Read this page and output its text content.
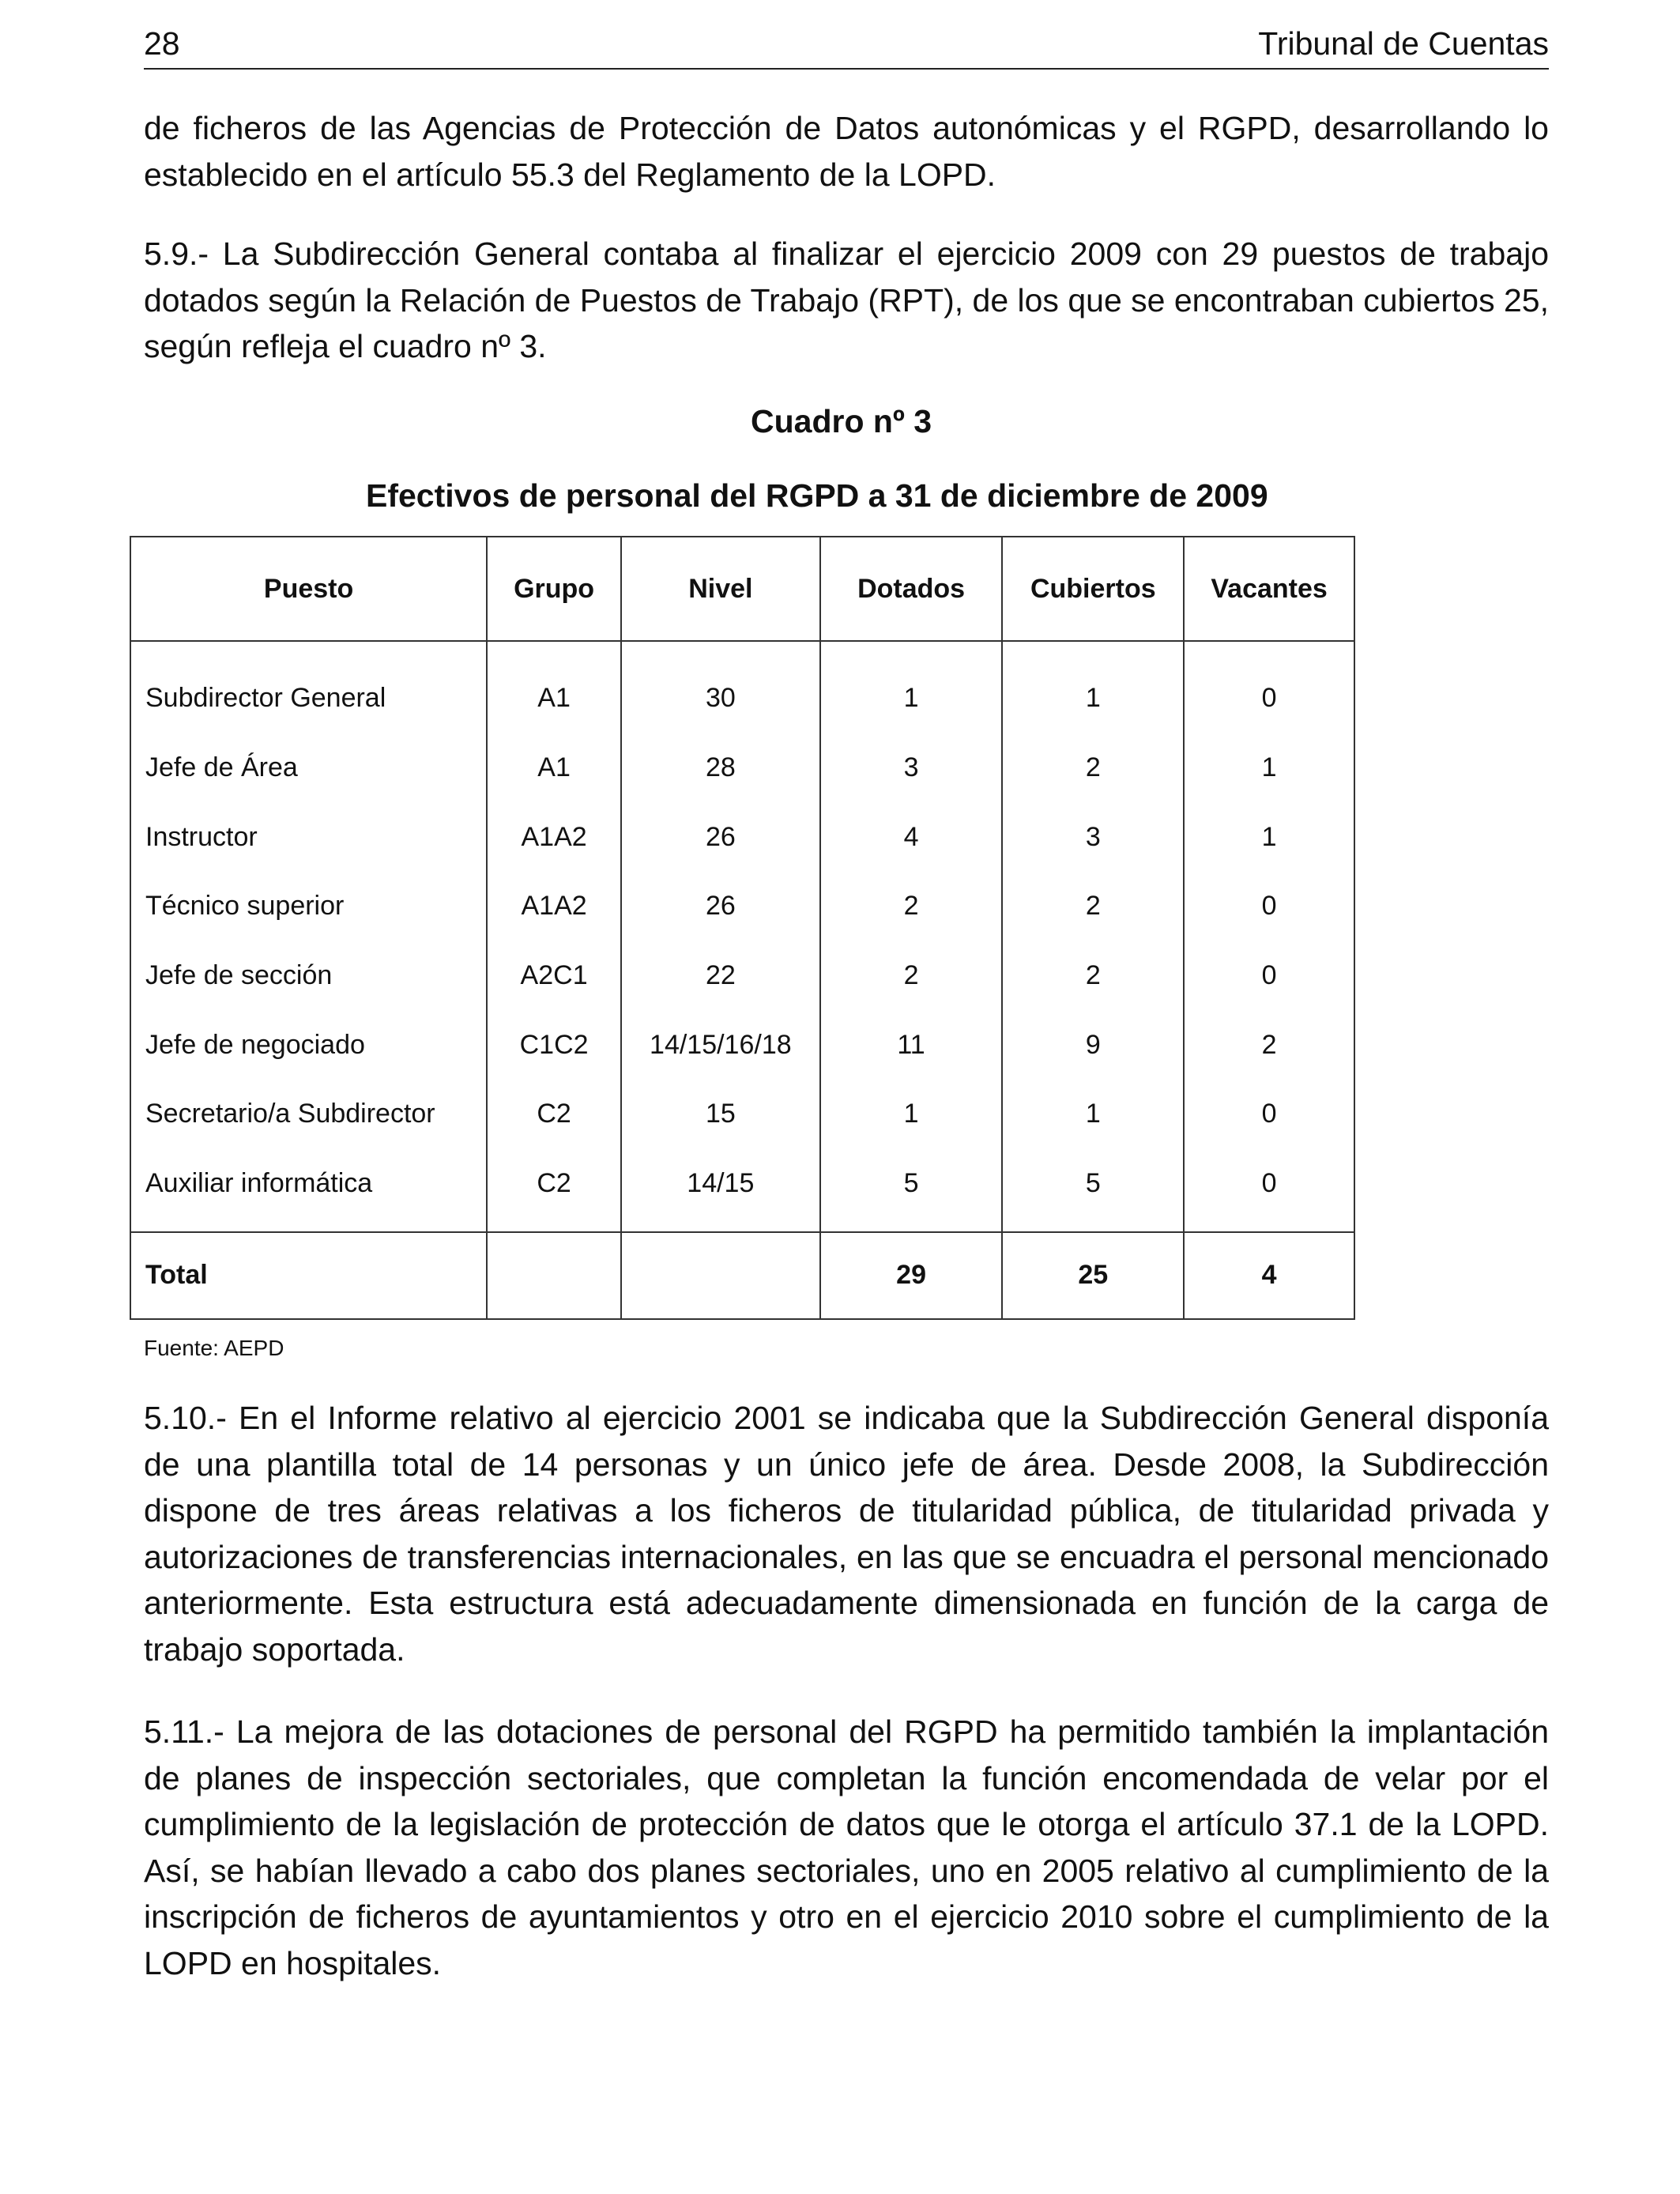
28	Tribunal de Cuentas

de ficheros de las Agencias de Protección de Datos autonómicas y el RGPD, desarrollando lo establecido en el artículo 55.3 del Reglamento de la LOPD.

5.9.- La Subdirección General contaba al finalizar el ejercicio 2009 con 29 puestos de trabajo dotados según la Relación de Puestos de Trabajo (RPT), de los que se encontraban cubiertos 25, según refleja el cuadro nº 3.

Cuadro nº 3

Efectivos de personal del RGPD a 31 de diciembre de 2009

Puesto	Grupo	Nivel	Dotados	Cubiertos	Vacantes
Subdirector General	A1	30	1	1	0
Jefe de Área	A1	28	3	2	1
Instructor	A1A2	26	4	3	1
Técnico superior	A1A2	26	2	2	0
Jefe de sección	A2C1	22	2	2	0
Jefe de negociado	C1C2	14/15/16/18	11	9	2
Secretario/a Subdirector	C2	15	1	1	0
Auxiliar informática	C2	14/15	5	5	0
Total			29	25	4

Fuente: AEPD

5.10.- En el Informe relativo al ejercicio 2001 se indicaba que la Subdirección General disponía de una plantilla total de 14 personas y un único jefe de área. Desde 2008, la Subdirección dispone de tres áreas relativas a los ficheros de titularidad pública, de titularidad privada y autorizaciones de transferencias internacionales, en las que se encuadra el personal mencionado anteriormente. Esta estructura está adecuadamente dimensionada en función de la carga de trabajo soportada.

5.11.- La mejora de las dotaciones de personal del RGPD ha permitido también la implantación de planes de inspección sectoriales, que completan la función encomendada de velar por el cumplimiento de la legislación de protección de datos que le otorga el artículo 37.1 de la LOPD. Así, se habían llevado a cabo dos planes sectoriales, uno en 2005 relativo al cumplimiento de la inscripción de ficheros de ayuntamientos y otro en el ejercicio 2010 sobre el cumplimiento de la LOPD en hospitales.
